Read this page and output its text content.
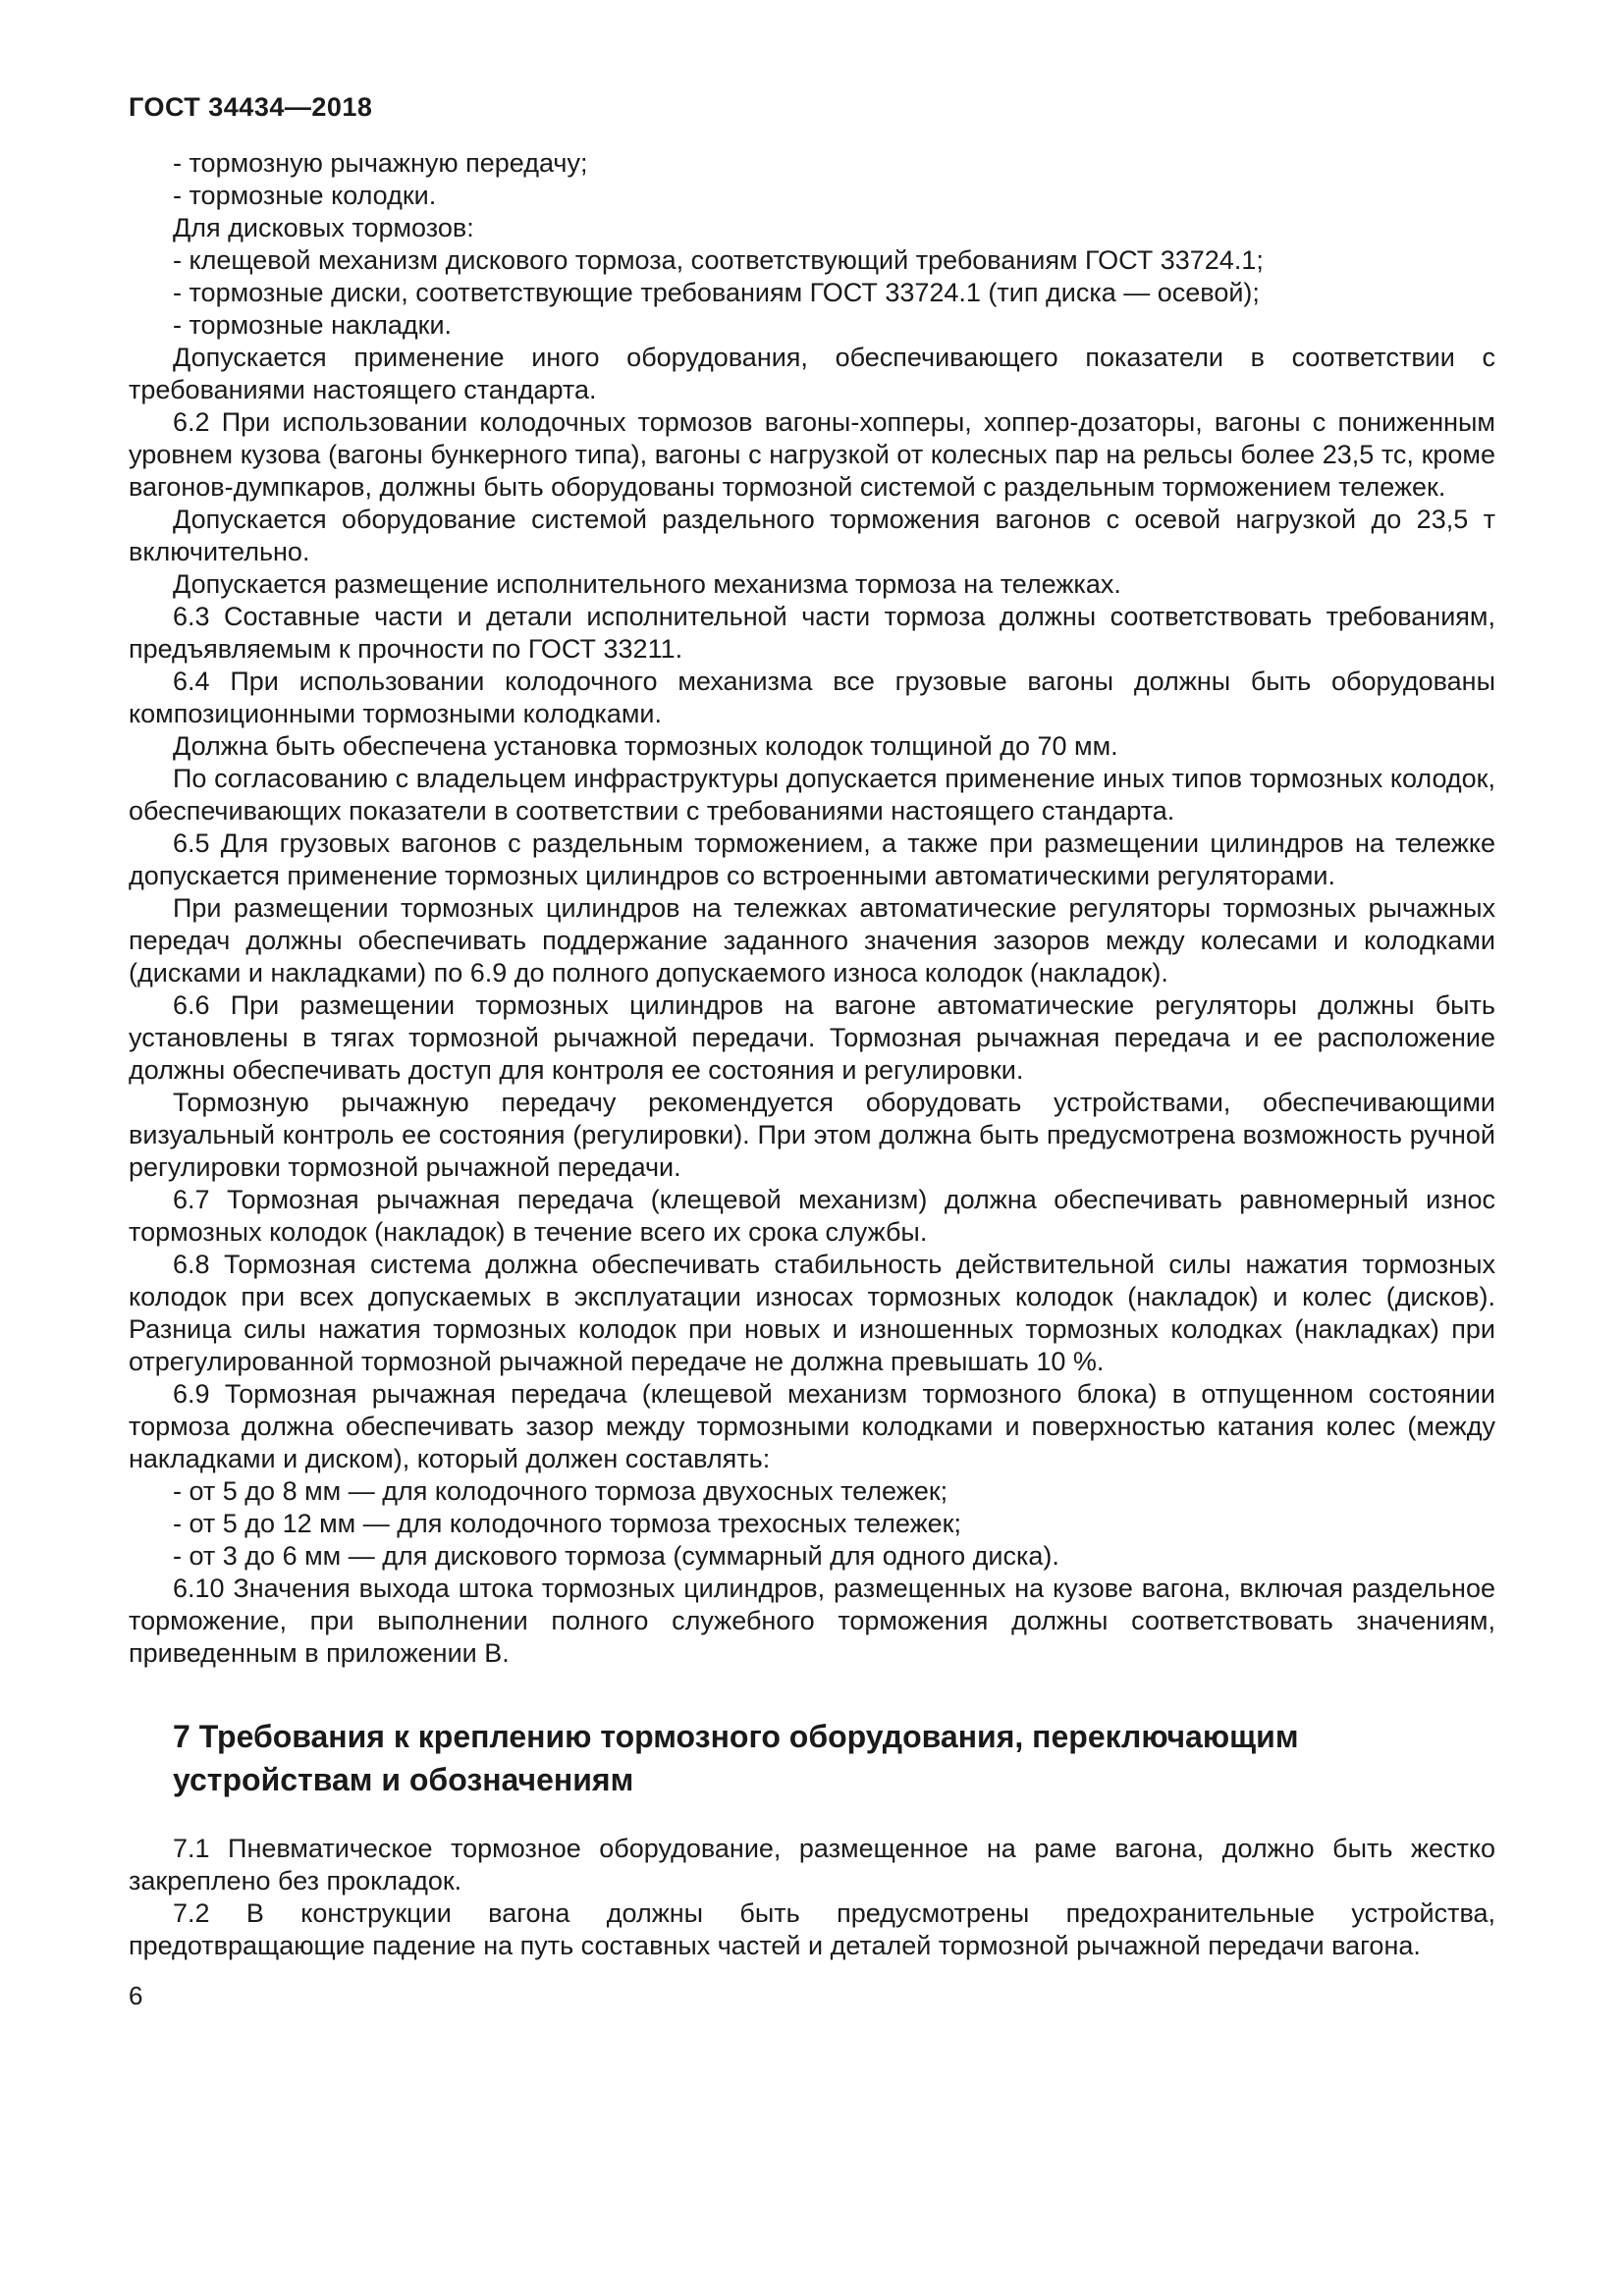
ГОСТ 34434—2018

- тормозную рычажную передачу;

- тормозные колодки.

Для дисковых тормозов:

- клещевой механизм дискового тормоза, соответствующий требованиям ГОСТ 33724.1;

- тормозные диски, соответствующие требованиям ГОСТ 33724.1 (тип диска — осевой);

- тормозные накладки.

Допускается применение иного оборудования, обеспечивающего показатели в соответствии с требованиями настоящего стандарта.

6.2 При использовании колодочных тормозов вагоны-хопперы, хоппер-дозаторы, вагоны с пониженным уровнем кузова (вагоны бункерного типа), вагоны с нагрузкой от колесных пар на рельсы более 23,5 тс, кроме вагонов-думпкаров, должны быть оборудованы тормозной системой с раздельным торможением тележек.

Допускается оборудование системой раздельного торможения вагонов с осевой нагрузкой до 23,5 т включительно.

Допускается размещение исполнительного механизма тормоза на тележках.

6.3 Составные части и детали исполнительной части тормоза должны соответствовать требованиям, предъявляемым к прочности по ГОСТ 33211.

6.4 При использовании колодочного механизма все грузовые вагоны должны быть оборудованы композиционными тормозными колодками.

Должна быть обеспечена установка тормозных колодок толщиной до 70 мм.

По согласованию с владельцем инфраструктуры допускается применение иных типов тормозных колодок, обеспечивающих показатели в соответствии с требованиями настоящего стандарта.

6.5 Для грузовых вагонов с раздельным торможением, а также при размещении цилиндров на тележке допускается применение тормозных цилиндров со встроенными автоматическими регуляторами.

При размещении тормозных цилиндров на тележках автоматические регуляторы тормозных рычажных передач должны обеспечивать поддержание заданного значения зазоров между колесами и колодками (дисками и накладками) по 6.9 до полного допускаемого износа колодок (накладок).

6.6 При размещении тормозных цилиндров на вагоне автоматические регуляторы должны быть установлены в тягах тормозной рычажной передачи. Тормозная рычажная передача и ее расположение должны обеспечивать доступ для контроля ее состояния и регулировки.

Тормозную рычажную передачу рекомендуется оборудовать устройствами, обеспечивающими визуальный контроль ее состояния (регулировки). При этом должна быть предусмотрена возможность ручной регулировки тормозной рычажной передачи.

6.7 Тормозная рычажная передача (клещевой механизм) должна обеспечивать равномерный износ тормозных колодок (накладок) в течение всего их срока службы.

6.8 Тормозная система должна обеспечивать стабильность действительной силы нажатия тормозных колодок при всех допускаемых в эксплуатации износах тормозных колодок (накладок) и колес (дисков). Разница силы нажатия тормозных колодок при новых и изношенных тормозных колодках (накладках) при отрегулированной тормозной рычажной передаче не должна превышать 10 %.

6.9 Тормозная рычажная передача (клещевой механизм тормозного блока) в отпущенном состоянии тормоза должна обеспечивать зазор между тормозными колодками и поверхностью катания колес (между накладками и диском), который должен составлять:

- от 5 до 8 мм — для колодочного тормоза двухосных тележек;

- от 5 до 12 мм — для колодочного тормоза трехосных тележек;

- от 3 до 6 мм — для дискового тормоза (суммарный для одного диска).

6.10 Значения выхода штока тормозных цилиндров, размещенных на кузове вагона, включая раздельное торможение, при выполнении полного служебного торможения должны соответствовать значениям, приведенным в приложении В.

7 Требования к креплению тормозного оборудования, переключающим устройствам и обозначениям

7.1 Пневматическое тормозное оборудование, размещенное на раме вагона, должно быть жестко закреплено без прокладок.

7.2 В конструкции вагона должны быть предусмотрены предохранительные устройства, предотвращающие падение на путь составных частей и деталей тормозной рычажной передачи вагона.

6
